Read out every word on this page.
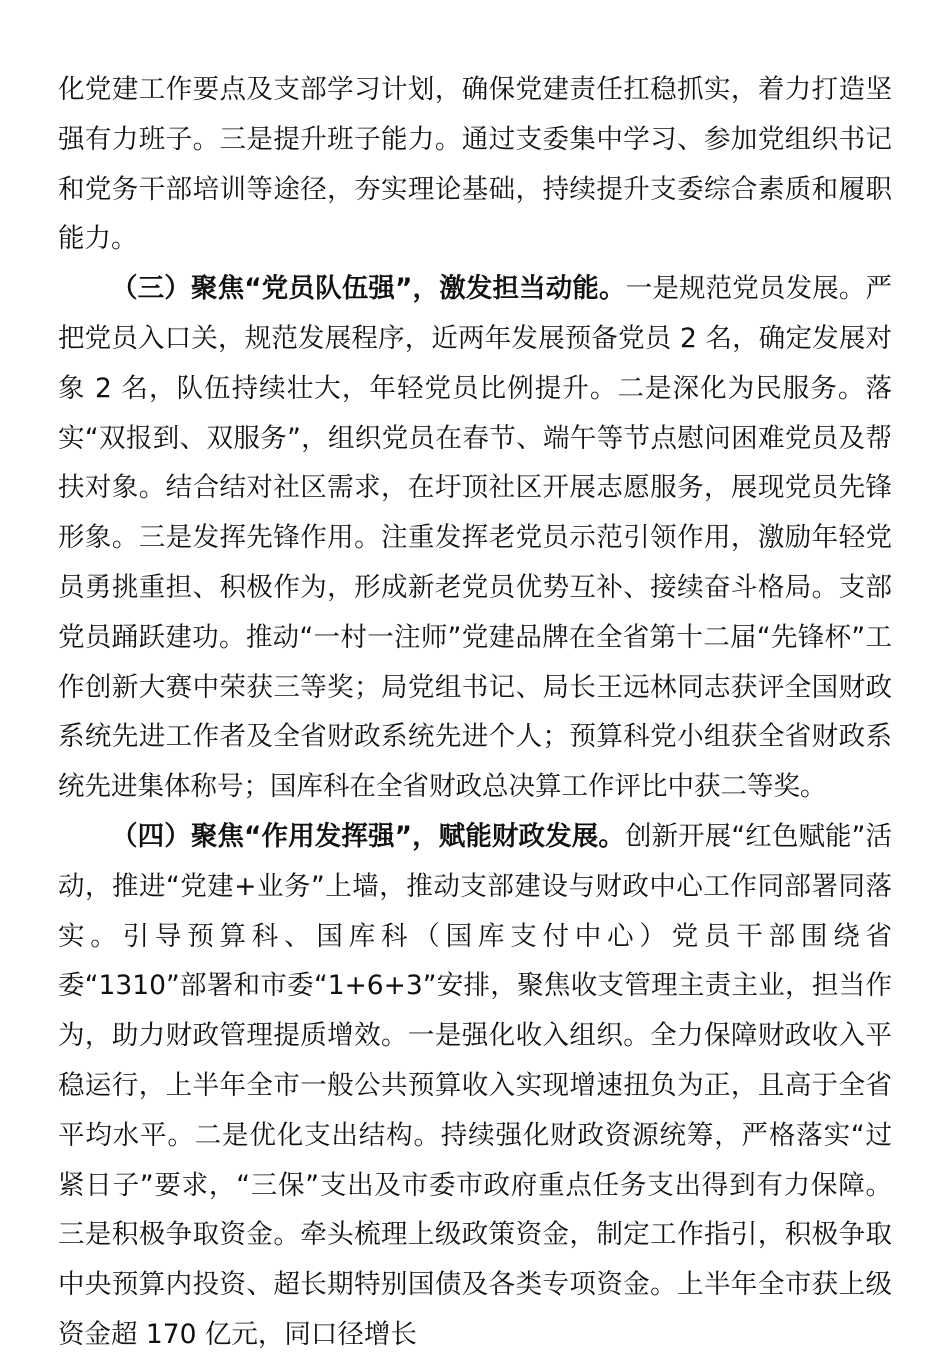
化党建工作要点及支部学习计划，确保党建责任扛稳抓实，着力打造坚强有力班子。三是提升班子能力。通过支委集中学习、参加党组织书记和党务干部培训等途径，夯实理论基础，持续提升支委综合素质和履职能力。

（三）聚焦“党员队伍强”，激发担当动能。一是规范党员发展。严把党员入口关，规范发展程序，近两年发展预备党员 2 名，确定发展对象 2 名，队伍持续壮大，年轻党员比例提升。二是深化为民服务。落实“双报到、双服务”，组织党员在春节、端午等节点慰问困难党员及帮扶对象。结合结对社区需求，在圩顶社区开展志愿服务，展现党员先锋形象。三是发挥先锋作用。注重发挥老党员示范引领作用，激励年轻党员勇挑重担、积极作为，形成新老党员优势互补、接续奋斗格局。支部党员踊跃建功。推动“一村一注师”党建品牌在全省第十二届“先锋杯”工作创新大赛中荣获三等奖；局党组书记、局长王远林同志获评全国财政系统先进工作者及全省财政系统先进个人；预算科党小组获全省财政系统先进集体称号；国库科在全省财政总决算工作评比中获二等奖。

（四）聚焦“作用发挥强”，赋能财政发展。创新开展“红色赋能”活动，推进“党建+业务”上墙，推动支部建设与财政中心工作同部署同落实。引导预算科、国库科（国库支付中心）党员干部围绕省委“1310”部署和市委“1+6+3”安排，聚焦收支管理主责主业，担当作为，助力财政管理提质增效。一是强化收入组织。全力保障财政收入平稳运行，上半年全市一般公共预算收入实现增速扭负为正，且高于全省平均水平。二是优化支出结构。持续强化财政资源统筹，严格落实“过紧日子”要求，“三保”支出及市委市政府重点任务支出得到有力保障。三是积极争取资金。牵头梳理上级政策资金，制定工作指引，积极争取中央预算内投资、超长期特别国债及各类专项资金。上半年全市获上级资金超 170 亿元，同口径增长
